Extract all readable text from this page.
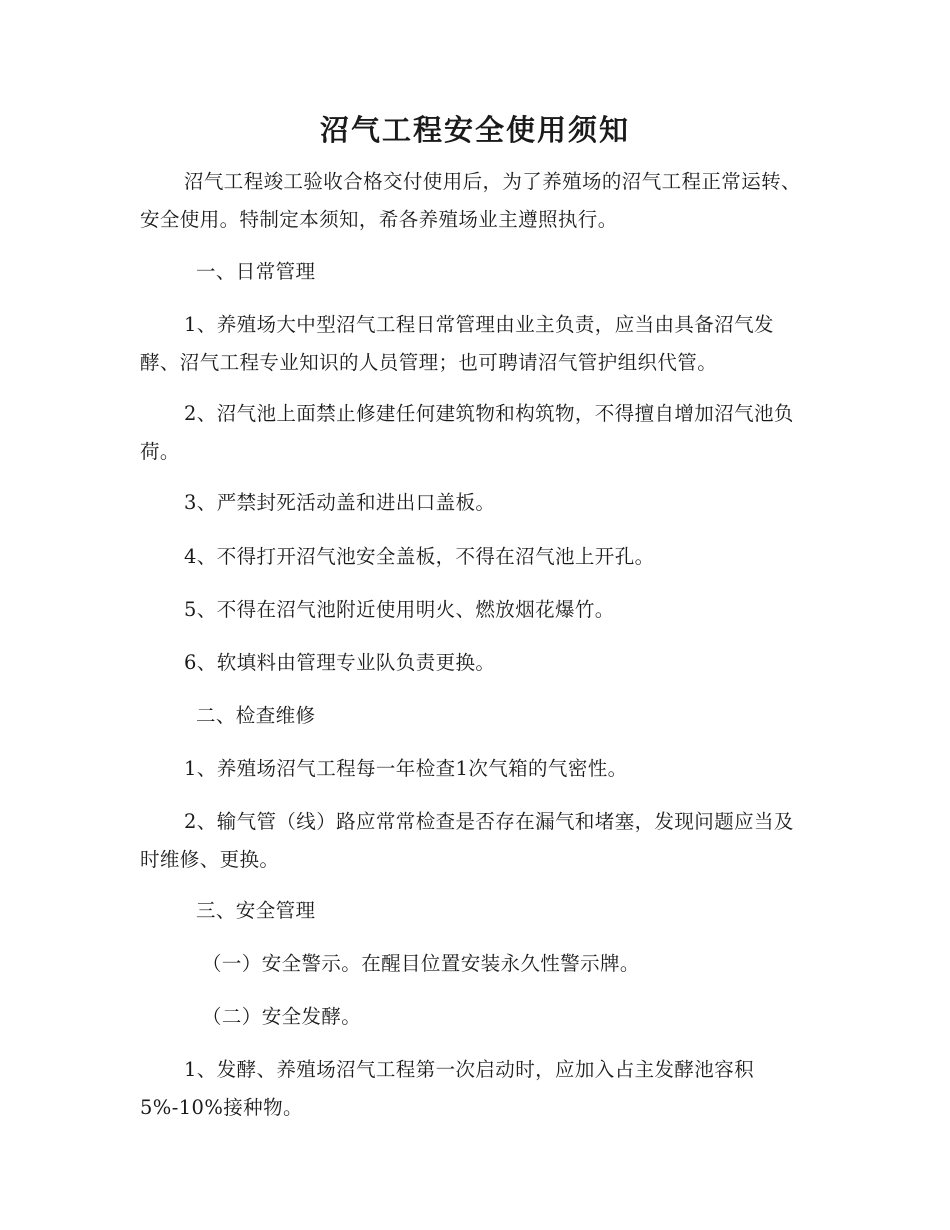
沼气工程安全使用须知

沼气工程竣工验收合格交付使用后，为了养殖场的沼气工程正常运转、安全使用。特制定本须知，希各养殖场业主遵照执行。

一、日常管理

1、养殖场大中型沼气工程日常管理由业主负责，应当由具备沼气发酵、沼气工程专业知识的人员管理；也可聘请沼气管护组织代管。

2、沼气池上面禁止修建任何建筑物和构筑物，不得擅自增加沼气池负荷。

3、严禁封死活动盖和进出口盖板。

4、不得打开沼气池安全盖板，不得在沼气池上开孔。

5、不得在沼气池附近使用明火、燃放烟花爆竹。

6、软填料由管理专业队负责更换。

二、检查维修

1、养殖场沼气工程每一年检查1次气箱的气密性。

2、输气管（线）路应常常检查是否存在漏气和堵塞，发现问题应当及时维修、更换。

三、安全管理

（一）安全警示。在醒目位置安装永久性警示牌。

（二）安全发酵。

1、发酵、养殖场沼气工程第一次启动时，应加入占主发酵池容积5%-10%接种物。
